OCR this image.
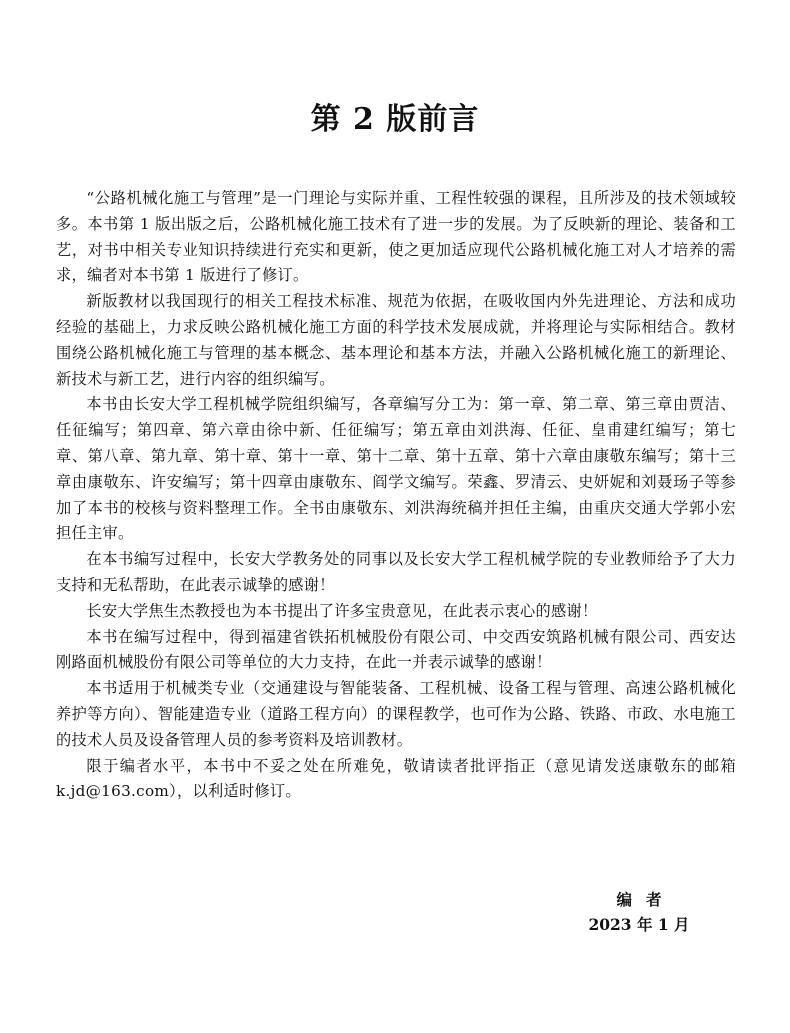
第 2 版前言

“公路机械化施工与管理”是一门理论与实际并重、工程性较强的课程，且所涉及的技术领域较多。本书第 1 版出版之后，公路机械化施工技术有了进一步的发展。为了反映新的理论、装备和工艺，对书中相关专业知识持续进行充实和更新，使之更加适应现代公路机械化施工对人才培养的需求，编者对本书第 1 版进行了修订。

新版教材以我国现行的相关工程技术标准、规范为依据，在吸收国内外先进理论、方法和成功经验的基础上，力求反映公路机械化施工方面的科学技术发展成就，并将理论与实际相结合。教材围绕公路机械化施工与管理的基本概念、基本理论和基本方法，并融入公路机械化施工的新理论、新技术与新工艺，进行内容的组织编写。

本书由长安大学工程机械学院组织编写，各章编写分工为：第一章、第二章、第三章由贾洁、任征编写；第四章、第六章由徐中新、任征编写；第五章由刘洪海、任征、皇甫建红编写；第七章、第八章、第九章、第十章、第十一章、第十二章、第十五章、第十六章由康敬东编写；第十三章由康敬东、许安编写；第十四章由康敬东、阎学文编写。荣鑫、罗清云、史妍妮和刘聂玚子等参加了本书的校核与资料整理工作。全书由康敬东、刘洪海统稿并担任主编，由重庆交通大学郭小宏担任主审。

在本书编写过程中，长安大学教务处的同事以及长安大学工程机械学院的专业教师给予了大力支持和无私帮助，在此表示诚挚的感谢！

长安大学焦生杰教授也为本书提出了许多宝贵意见，在此表示衷心的感谢！

本书在编写过程中，得到福建省铁拓机械股份有限公司、中交西安筑路机械有限公司、西安达刚路面机械股份有限公司等单位的大力支持，在此一并表示诚挚的感谢！

本书适用于机械类专业（交通建设与智能装备、工程机械、设备工程与管理、高速公路机械化养护等方向）、智能建造专业（道路工程方向）的课程教学，也可作为公路、铁路、市政、水电施工的技术人员及设备管理人员的参考资料及培训教材。

限于编者水平，本书中不妥之处在所难免，敬请读者批评指正（意见请发送康敬东的邮箱 k.jd@163.com），以利适时修订。

编者
2023 年 1 月
